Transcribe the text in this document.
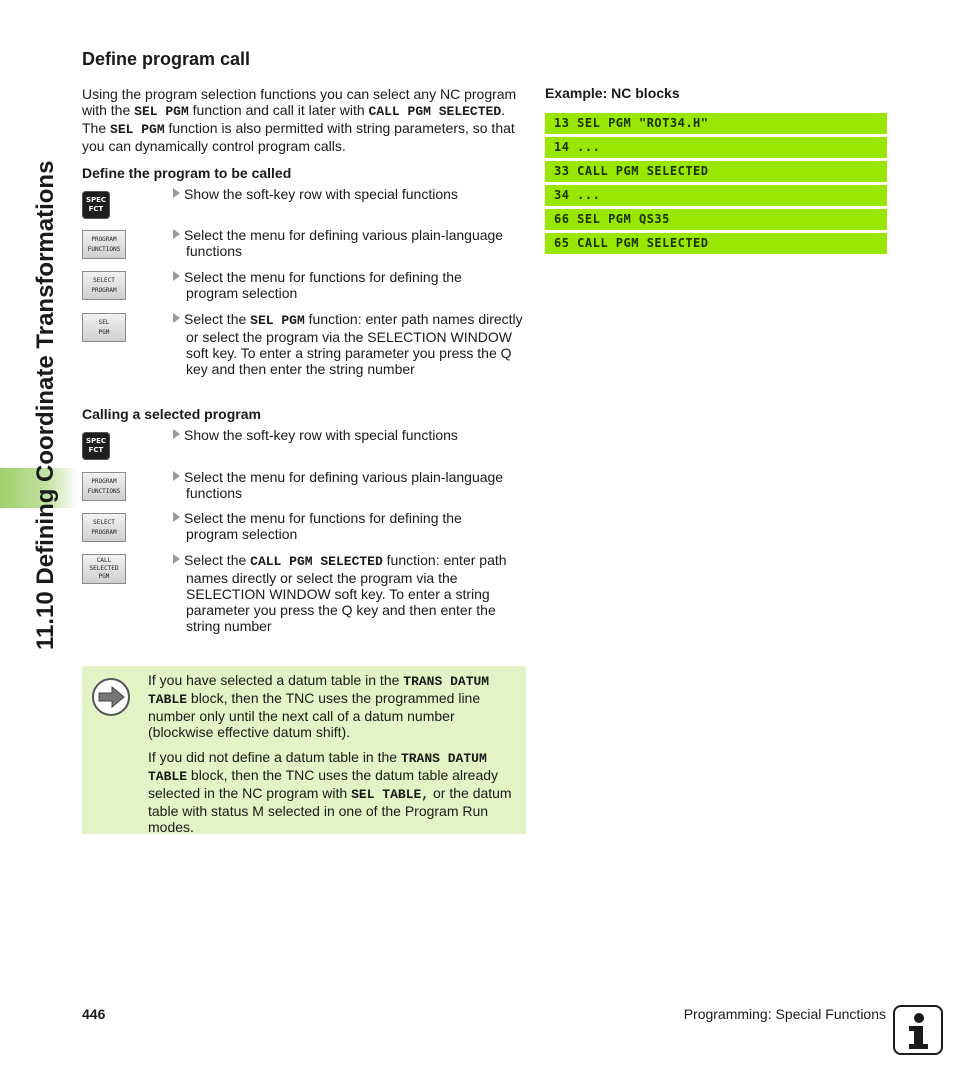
11.10 Defining Coordinate Transformations
Define program call
Using the program selection functions you can select any NC program with the SEL PGM function and call it later with CALL PGM SELECTED. The SEL PGM function is also permitted with string parameters, so that you can dynamically control program calls.
Define the program to be called
SPEC
FCT
Show the soft-key row with special functions
PROGRAM
FUNCTIONS
Select the menu for defining various plain-language
functions
SELECT
PROGRAM
Select the menu for functions for defining the
program selection
SEL
PGM
Select the SEL PGM function: enter path names directly
or select the program via the SELECTION WINDOW
soft key. To enter a string parameter you press the Q
key and then enter the string number
Calling a selected program
SPEC
FCT
Show the soft-key row with special functions
PROGRAM
FUNCTIONS
Select the menu for defining various plain-language
functions
SELECT
PROGRAM
Select the menu for functions for defining the
program selection
CALL
SELECTED
PGM
Select the CALL PGM SELECTED function: enter path
names directly or select the program via the
SELECTION WINDOW soft key. To enter a string
parameter you press the Q key and then enter the
string number
Example: NC blocks
13 SEL PGM "ROT34.H"
14 ...
33 CALL PGM SELECTED
34 ...
66 SEL PGM QS35
65 CALL PGM SELECTED

If you have selected a datum table in the TRANS DATUM TABLE block, then the TNC uses the programmed line number only until the next call of a datum number (blockwise effective datum shift).

If you did not define a datum table in the TRANS DATUM TABLE block, then the TNC uses the datum table already selected in the NC program with SEL TABLE, or the datum table with status M selected in one of the Program Run modes.

446	Programming: Special Functions
